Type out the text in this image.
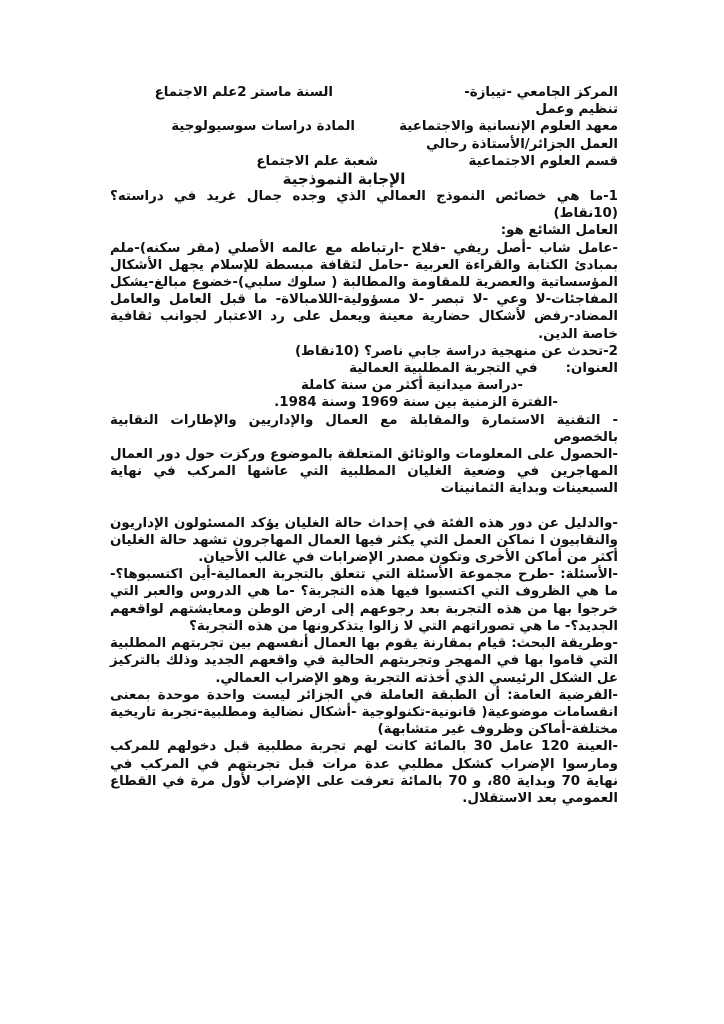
المركز الجامعي -تيبازة-
السنة ماستر 2علم الاجتماع
تنظيم وعمل
معهد العلوم الإنسانية والاجتماعية
المادة دراسات سوسيولوجية
العمل الجزائر/الأستاذة رحالي
قسم العلوم الاجتماعية
شعبة علم الاجتماع
الإجابة النموذجية

1-ما هي خصائص النموذج العمالي الذي وجده جمال غريد في دراسته؟ (10نقاط)

العامل الشائع هو:

-عامل شاب -أصل ريفي -فلاح -ارتباطه مع عالمه الأصلي (مقر سكنه)-ملم بمبادئ الكتابة والقراءة العربية -حامل لثقافة مبسطة للإسلام يجهل الأشكال المؤسساتية والعصرية للمقاومة والمطالبة ( سلوك سلبي)-خضوع مبالغ-يشكل المفاجئات-لا وعي -لا تبصر -لا مسؤولية-اللامبالاة- ما قبل العامل والعامل المضاد-رفض لأشكال حضارية معينة ويعمل على رد الاعتبار لجوانب ثقافية خاصة الدين.

2-تحدث عن منهجية دراسة جابي ناصر؟ (10نقاط)

العنوان:في التجربة المطلبية العمالية

-دراسة ميدانية أكثر من سنة كاملة

-الفترة الزمنية بين سنة 1969 وسنة 1984.

- التقنية الاستمارة والمقابلة مع العمال والإداريين والإطارات النقابية بالخصوص

-الحصول على المعلومات والوثائق المتعلقة بالموضوع وركزت حول دور العمال المهاجرين في وضعية الغليان المطلبية التي عاشها المركب في نهاية السبعينات وبداية الثمانينات

-والدليل عن دور هذه الفئة في إحداث حالة الغليان يؤكد المسئولون الإداريون والنقابيون ا نماكن العمل التي يكثر فيها العمال المهاجرون تشهد حالة الغليان أكثر من أماكن الأخرى وتكون مصدر الإضرابات في غالب الأحيان.

-الأسئلة: -طرح مجموعة الأسئلة التي تتعلق بالتجربة العمالية-أين اكتسبوها؟-ما هي الظروف التي اكتسبوا فيها هذه التجربة؟ -ما هي الدروس والعبر التي خرجوا بها من هذه التجربة بعد رجوعهم إلى ارض الوطن ومعايشتهم لواقعهم الجديد؟- ما هي تصوراتهم التي لا زالوا يتذكرونها من هذه التجربة؟

-وطريقة البحث: قيام بمقارنة يقوم بها العمال أنفسهم بين تجربتهم المطلبية التي قاموا بها في المهجر وتجربتهم الحالية في واقعهم الجديد وذلك بالتركيز عل الشكل الرئيسي الذي أخذته التجربة وهو الإضراب العمالي.

-الفرضية العامة: أن الطبقة العاملة في الجزائر ليست واحدة موحدة بمعنى انقسامات موضوعية( قانونية-تكنولوجية -أشكال نضالية ومطلبية-تجربة تاريخية مختلفة-أماكن وظروف غير متشابهة)

-العينة 120 عامل 30 بالمائة كانت لهم تجربة مطلبية قبل دخولهم للمركب ومارسوا الإضراب كشكل مطلبي عدة مرات قبل تجربتهم في المركب في نهاية 70 وبداية 80، و 70 بالمائة تعرفت على الإضراب لأول مرة في القطاع العمومي بعد الاستقلال.
